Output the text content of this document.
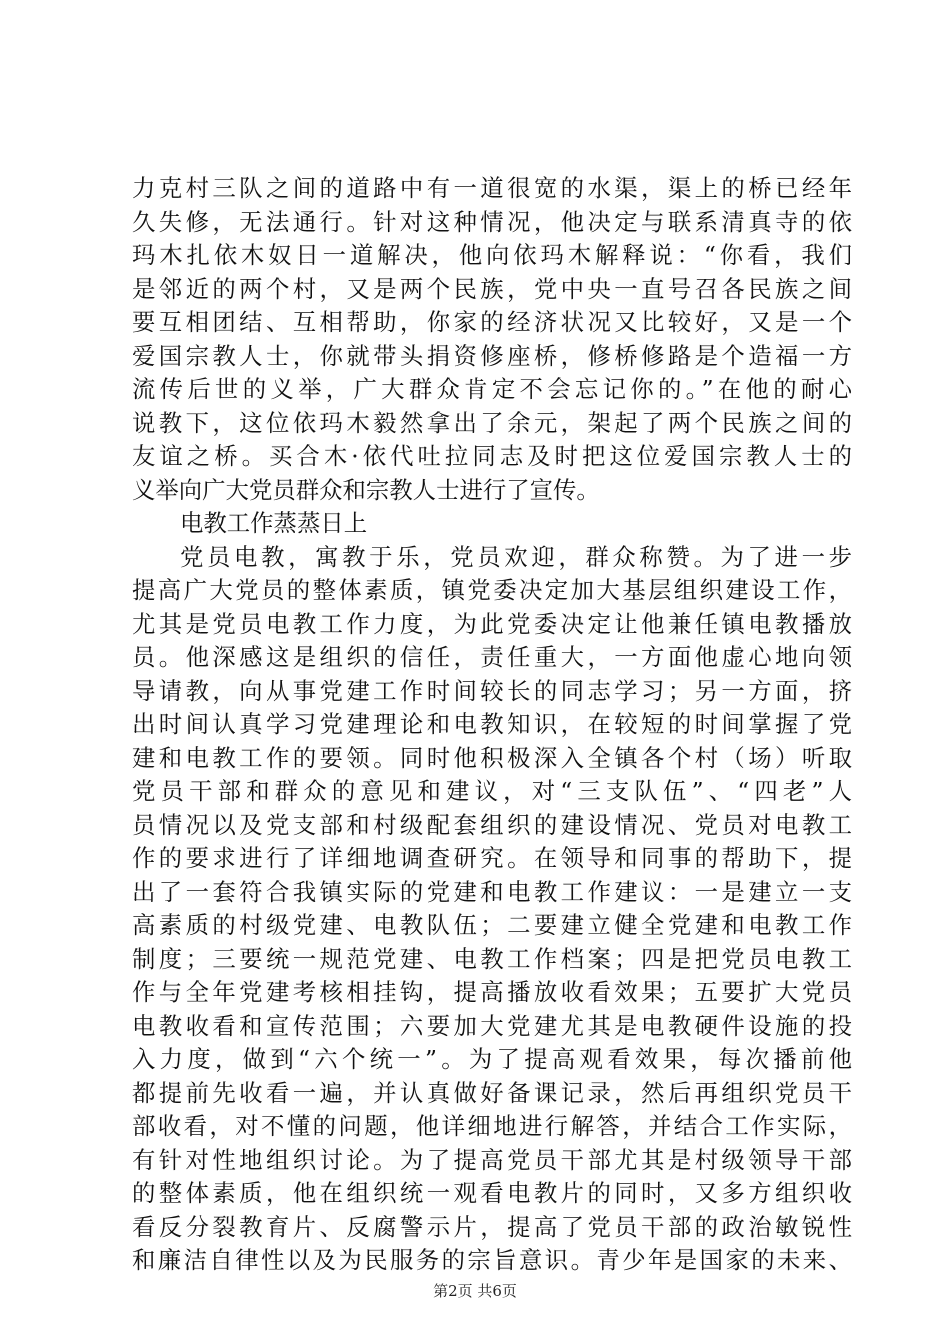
力克村三队之间的道路中有一道很宽的水渠，渠上的桥已经年
久失修，无法通行。针对这种情况，他决定与联系清真寺的依
玛木扎依木奴日一道解决，他向依玛木解释说：“你看，我们
是邻近的两个村，又是两个民族，党中央一直号召各民族之间
要互相团结、互相帮助，你家的经济状况又比较好，又是一个
爱国宗教人士，你就带头捐资修座桥，修桥修路是个造福一方
流传后世的义举，广大群众肯定不会忘记你的。”在他的耐心
说教下，这位依玛木毅然拿出了余元，架起了两个民族之间的
友谊之桥。买合木·依代吐拉同志及时把这位爱国宗教人士的
义举向广大党员群众和宗教人士进行了宣传。
电教工作蒸蒸日上
党员电教，寓教于乐，党员欢迎，群众称赞。为了进一步
提高广大党员的整体素质，镇党委决定加大基层组织建设工作，
尤其是党员电教工作力度，为此党委决定让他兼任镇电教播放
员。他深感这是组织的信任，责任重大，一方面他虚心地向领
导请教，向从事党建工作时间较长的同志学习；另一方面，挤
出时间认真学习党建理论和电教知识，在较短的时间掌握了党
建和电教工作的要领。同时他积极深入全镇各个村（场）听取
党员干部和群众的意见和建议，对“三支队伍”、“四老”人
员情况以及党支部和村级配套组织的建设情况、党员对电教工
作的要求进行了详细地调查研究。在领导和同事的帮助下，提
出了一套符合我镇实际的党建和电教工作建议：一是建立一支
高素质的村级党建、电教队伍；二要建立健全党建和电教工作
制度；三要统一规范党建、电教工作档案；四是把党员电教工
作与全年党建考核相挂钩，提高播放收看效果；五要扩大党员
电教收看和宣传范围；六要加大党建尤其是电教硬件设施的投
入力度，做到“六个统一”。为了提高观看效果，每次播前他
都提前先收看一遍，并认真做好备课记录，然后再组织党员干
部收看，对不懂的问题，他详细地进行解答，并结合工作实际，
有针对性地组织讨论。为了提高党员干部尤其是村级领导干部
的整体素质，他在组织统一观看电教片的同时，又多方组织收
看反分裂教育片、反腐警示片，提高了党员干部的政治敏锐性
和廉洁自律性以及为民服务的宗旨意识。青少年是国家的未来、
第2页 共6页
